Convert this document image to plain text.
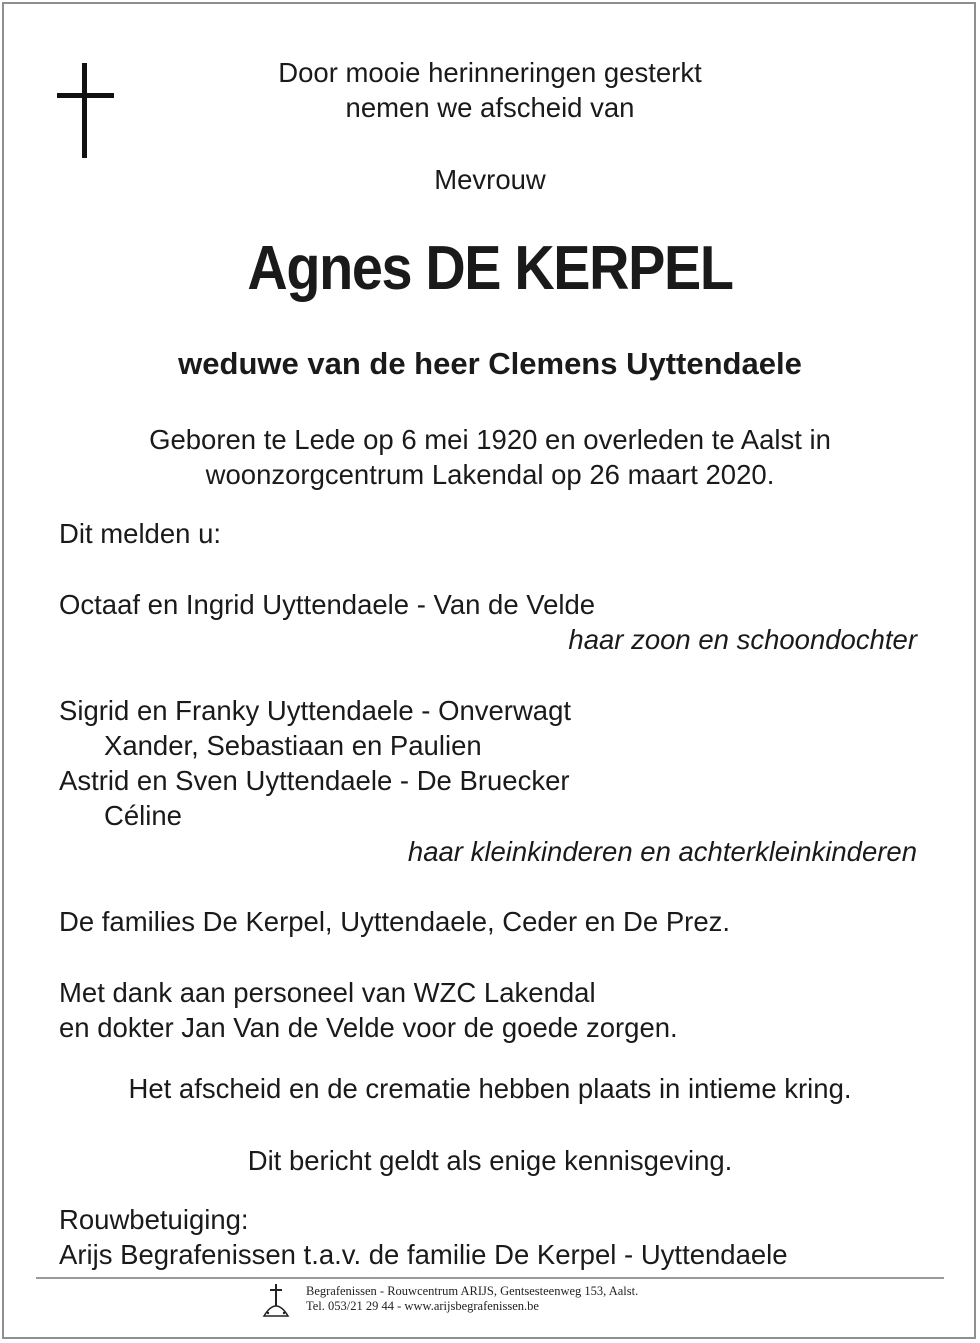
Door mooie herinneringen gesterkt
nemen we afscheid van
Mevrouw
Agnes DE KERPEL
weduwe van de heer Clemens Uyttendaele
Geboren te Lede op 6 mei 1920 en overleden te Aalst in
woonzorgcentrum Lakendal op 26 maart 2020.
Dit melden u:
Octaaf en Ingrid Uyttendaele - Van de Velde
haar zoon en schoondochter
Sigrid en Franky Uyttendaele - Onverwagt
Xander, Sebastiaan en Paulien
Astrid en Sven Uyttendaele - De Bruecker
Céline
haar kleinkinderen en achterkleinkinderen
De families De Kerpel, Uyttendaele, Ceder en De Prez.
Met dank aan personeel van WZC Lakendal
en dokter Jan Van de Velde voor de goede zorgen.
Het afscheid en de crematie hebben plaats in intieme kring.
Dit bericht geldt als enige kennisgeving.
Rouwbetuiging:
Arijs Begrafenissen t.a.v. de familie De Kerpel - Uyttendaele
Begrafenissen - Rouwcentrum ARIJS, Gentsesteenweg 153, Aalst.
Tel. 053/21 29 44 - www.arijsbegrafenissen.be
